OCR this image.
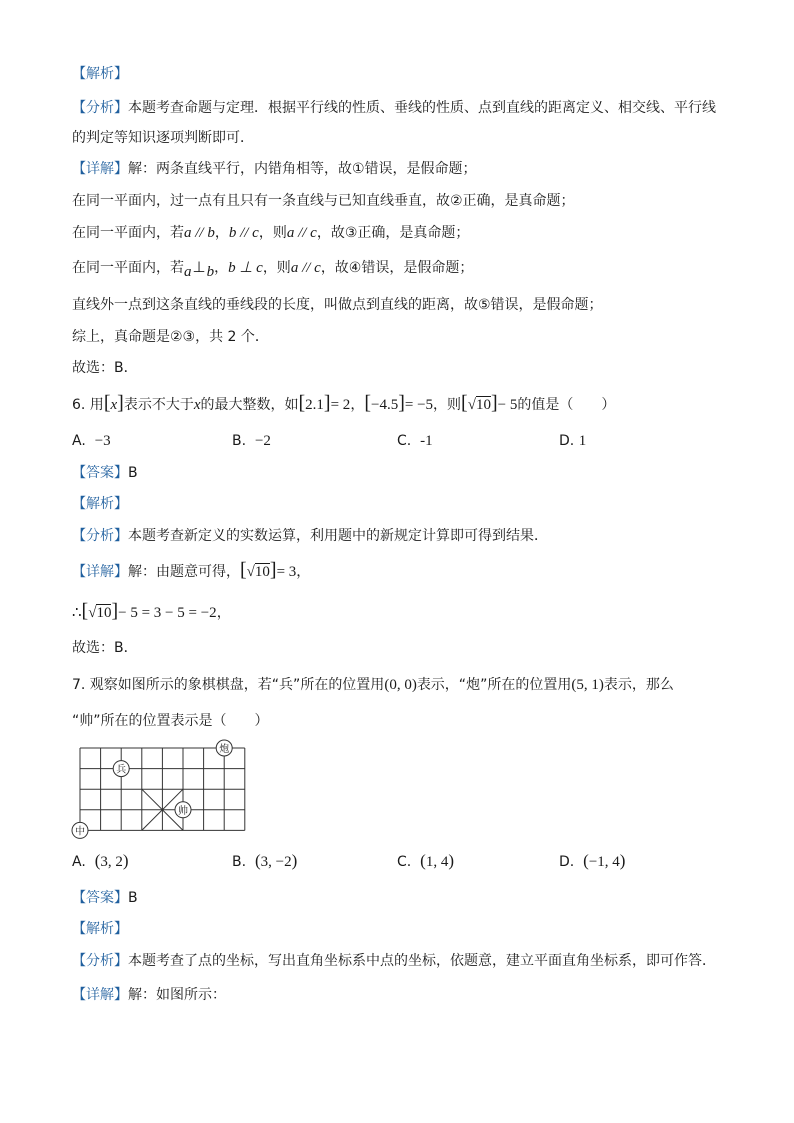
【解析】
【分析】本题考查命题与定理．根据平行线的性质、垂线的性质、点到直线的距离定义、相交线、平行线
的判定等知识逐项判断即可．
【详解】解：两条直线平行，内错角相等，故①错误，是假命题；
在同一平面内，过一点有且只有一条直线与已知直线垂直，故②正确，是真命题；
在同一平面内，若a // b，b // c，则a // c，故③正确，是真命题；
在同一平面内，若a⊥b，b ⊥ c，则a // c，故④错误，是假命题；
直线外一点到这条直线的垂线段的长度，叫做点到直线的距离，故⑤错误，是假命题；
综上，真命题是②③，共 2 个．
故选：B．
6. 用[x]表示不大于x的最大整数，如[2.1]= 2，[−4.5]= −5，则[√10]− 5的值是（　　）
A. −3	B. −2	C. -1	D. 1
【答案】B
【解析】
【分析】本题考查新定义的实数运算，利用题中的新规定计算即可得到结果．
【详解】解：由题意可得，[√10]= 3，
∴[√10]− 5 = 3 − 5 = −2，
故选：B．
7. 观察如图所示的象棋棋盘，若“兵”所在的位置用(0, 0)表示，“炮”所在的位置用(5, 1)表示，那么
“帅”所在的位置表示是（　　）
炮
兵
帅
中
A. (3, 2)	B. (3, −2)	C. (1, 4)	D. (−1, 4)
【答案】B
【解析】
【分析】本题考查了点的坐标，写出直角坐标系中点的坐标，依题意，建立平面直角坐标系，即可作答．
【详解】解：如图所示：
